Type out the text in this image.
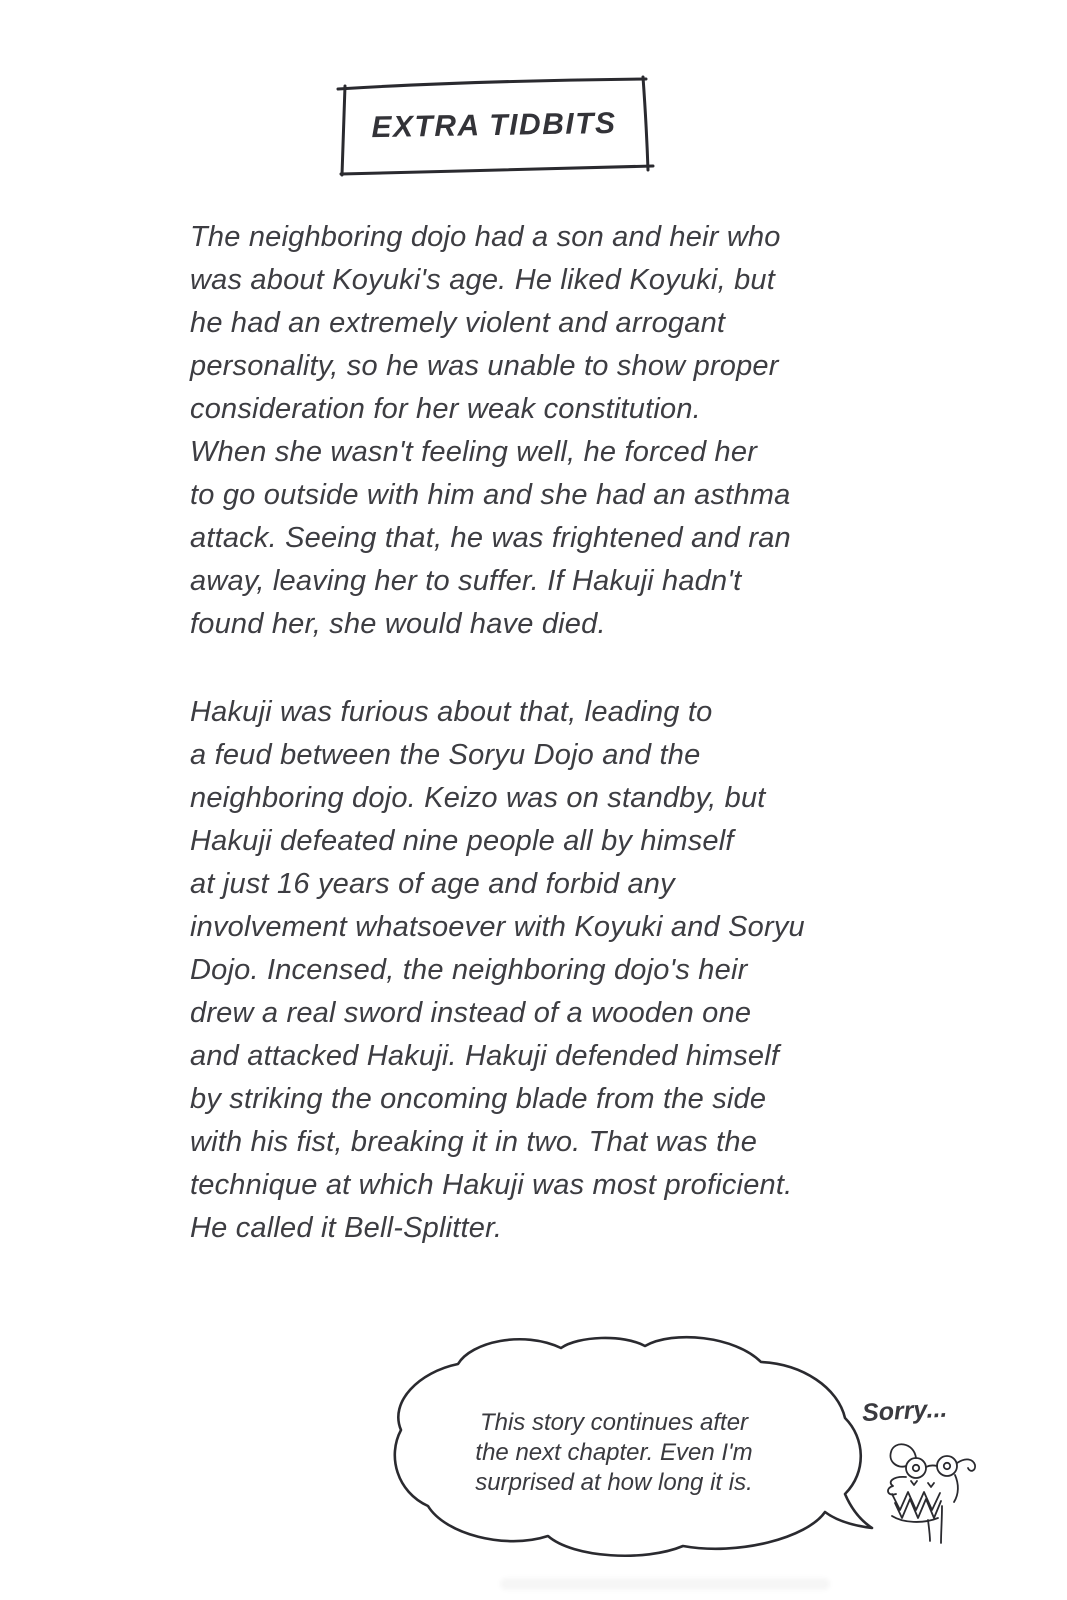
EXTRA TIDBITS
The neighboring dojo had a son and heir who
was about Koyuki's age. He liked Koyuki, but
he had an extremely violent and arrogant
personality, so he was unable to show proper
consideration for her weak constitution.
When she wasn't feeling well, he forced her
to go outside with him and she had an asthma
attack. Seeing that, he was frightened and ran
away, leaving her to suffer. If Hakuji hadn't
found her, she would have died.
Hakuji was furious about that, leading to
a feud between the Soryu Dojo and the
neighboring dojo. Keizo was on standby, but
Hakuji defeated nine people all by himself
at just 16 years of age and forbid any
involvement whatsoever with Koyuki and Soryu
Dojo. Incensed, the neighboring dojo's heir
drew a real sword instead of a wooden one
and attacked Hakuji. Hakuji defended himself
by striking the oncoming blade from the side
with his fist, breaking it in two. That was the
technique at which Hakuji was most proficient.
He called it Bell-Splitter.
This story continues after
the next chapter. Even I'm
surprised at how long it is.
Sorry...
